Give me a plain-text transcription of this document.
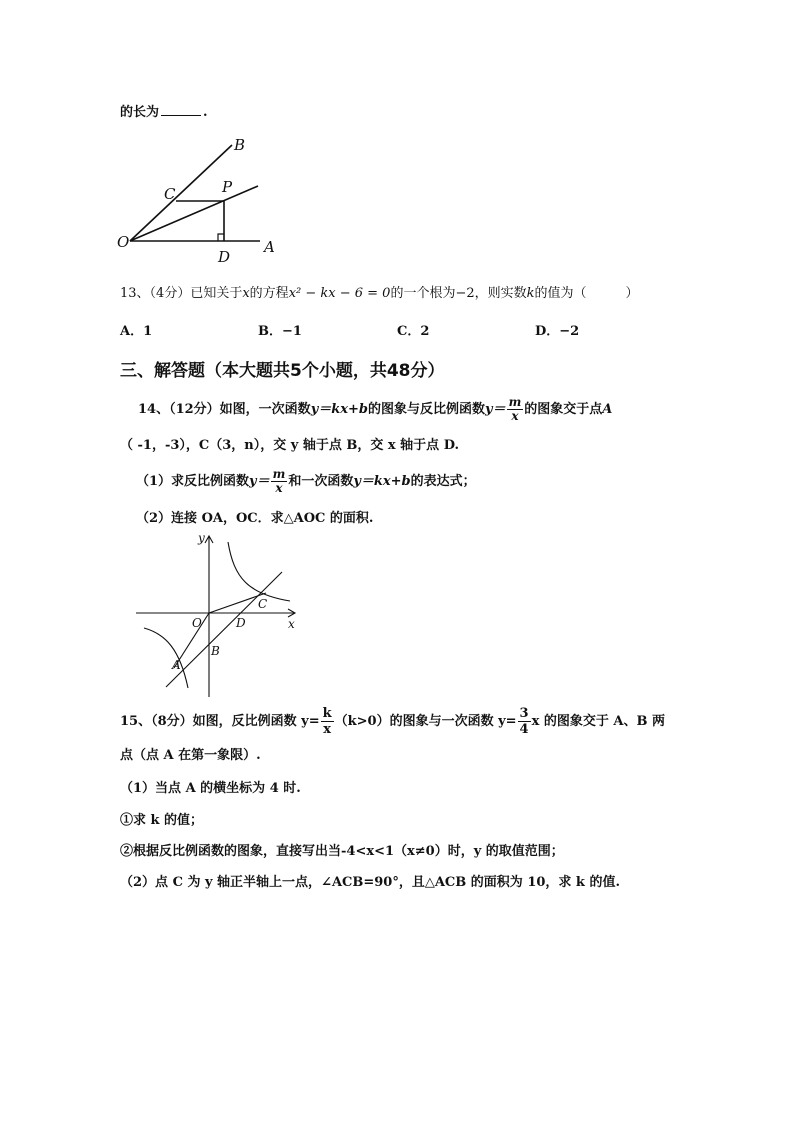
的长为	.
B
C	P
O
D
A
13、（4分）已知关于x的方程x² − kx − 6 = 0的一个根为−2，则实数k的值为（　　　）
A．1	B．−1	C．2	D．−2
三、解答题（本大题共5个小题，共48分）
14、（12分）如图，一次函数y＝kx+b的图象与反比例函数$y= \frac{m}{x}$ 的图象交于点A
（ -1，-3），C（3，n），交 y 轴于点 B，交 x 轴于点 D.
（1）求反比例函数$y= \frac{m}{x}$ 和一次函数y＝kx+b的表达式；
（2）连接 OA，OC．求△AOC 的面积.
y
x
O	D
C
B
A
15、（8分）如图，反比例函数 $y= \frac{k}{x} (k>0)$的图象与一次函数 $y= \frac{3}{4}$ x 的图象交于 A、B 两
点（点 A 在第一象限）.
（1）当点 A 的横坐标为 4 时.
①求 k 的值；
②根据反比例函数的图象，直接写出当-4<x<1（x≠0）时，y 的取值范围；
（2）点 C 为 y 轴正半轴上一点，∠ACB=90°，且△ACB 的面积为 10，求 k 的值.
